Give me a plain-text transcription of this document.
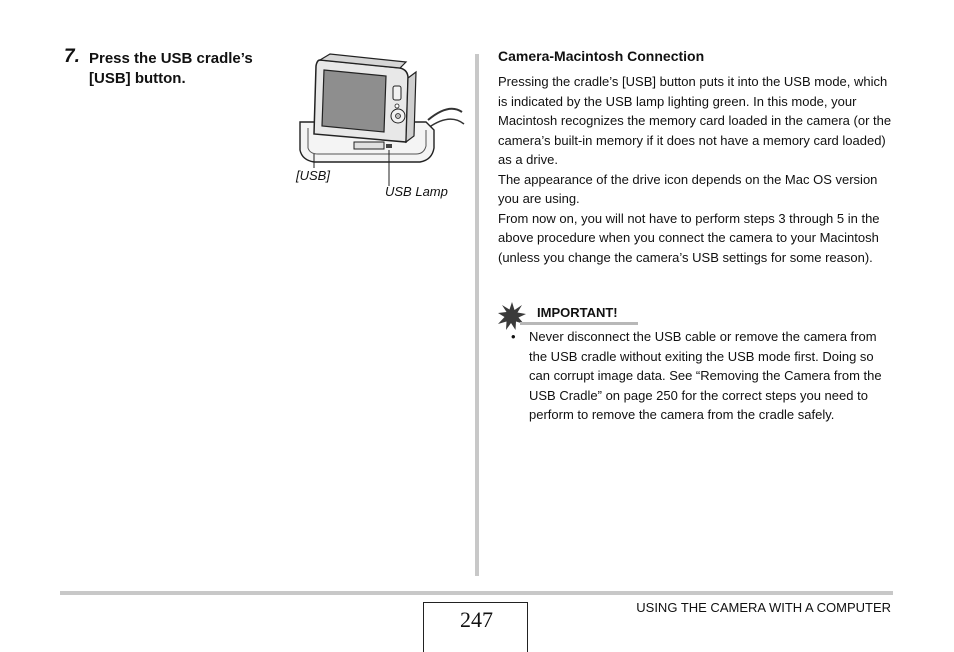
7. Press the USB cradle’s [USB] button.
[USB]
USB Lamp
Camera-Macintosh Connection

Pressing the cradle’s [USB] button puts it into the USB mode, which is indicated by the USB lamp lighting green. In this mode, your Macintosh recognizes the memory card loaded in the camera (or the camera’s built-in memory if it does not have a memory card loaded) as a drive.

The appearance of the drive icon depends on the Mac OS version you are using.

From now on, you will not have to perform steps 3 through 5 in the above procedure when you connect the camera to your Macintosh (unless you change the camera’s USB settings for some reason).

IMPORTANT!
• Never disconnect the USB cable or remove the camera from the USB cradle without exiting the USB mode first. Doing so can corrupt image data. See “Removing the Camera from the USB Cradle” on page 250 for the correct steps you need to perform to remove the camera from the cradle safely.
247	USING THE CAMERA WITH A COMPUTER
